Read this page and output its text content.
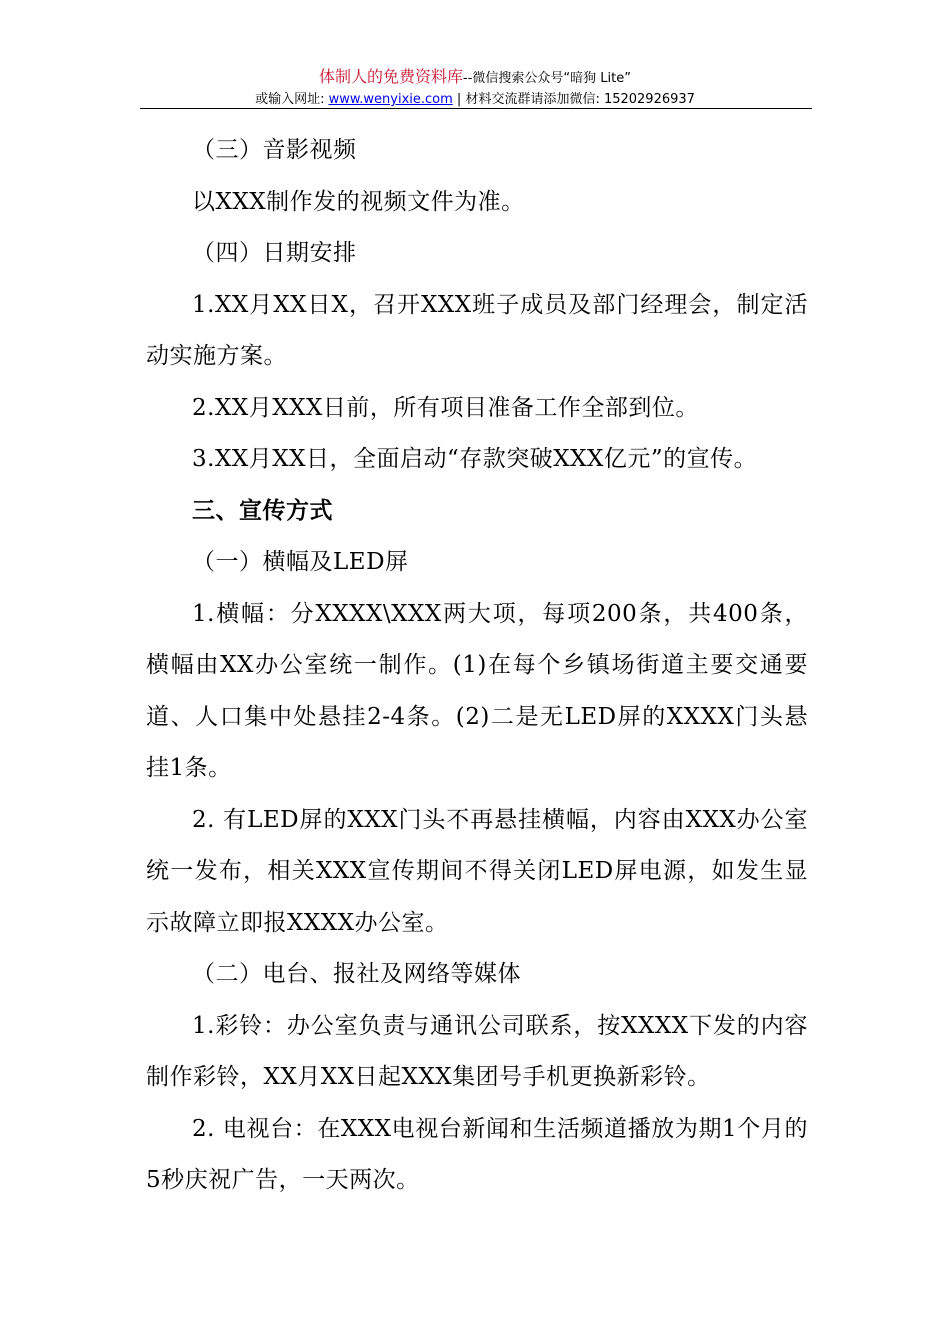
体制人的免费资料库--微信搜索公众号“暗狗 Lite”
或输入网址: www.wenyixie.com | 材料交流群请添加微信: 15202926937

（三）音影视频

以XXX制作发的视频文件为准。

（四）日期安排

1.XX月XX日X，召开XXX班子成员及部门经理会，制定活动实施方案。

2.XX月XXX日前，所有项目准备工作全部到位。

3.XX月XX日，全面启动“存款突破XXX亿元”的宣传。

三、宣传方式

（一）横幅及LED屏

1.横幅：分XXXX\XXX两大项，每项200条，共400条，横幅由XX办公室统一制作。(1)在每个乡镇场街道主要交通要道、人口集中处悬挂2-4条。(2)二是无LED屏的XXXX门头悬挂1条。

2. 有LED屏的XXX门头不再悬挂横幅，内容由XXX办公室统一发布，相关XXX宣传期间不得关闭LED屏电源，如发生显示故障立即报XXXX办公室。

（二）电台、报社及网络等媒体

1.彩铃：办公室负责与通讯公司联系，按XXXX下发的内容制作彩铃，XX月XX日起XXX集团号手机更换新彩铃。

2. 电视台：在XXX电视台新闻和生活频道播放为期1个月的5秒庆祝广告，一天两次。
